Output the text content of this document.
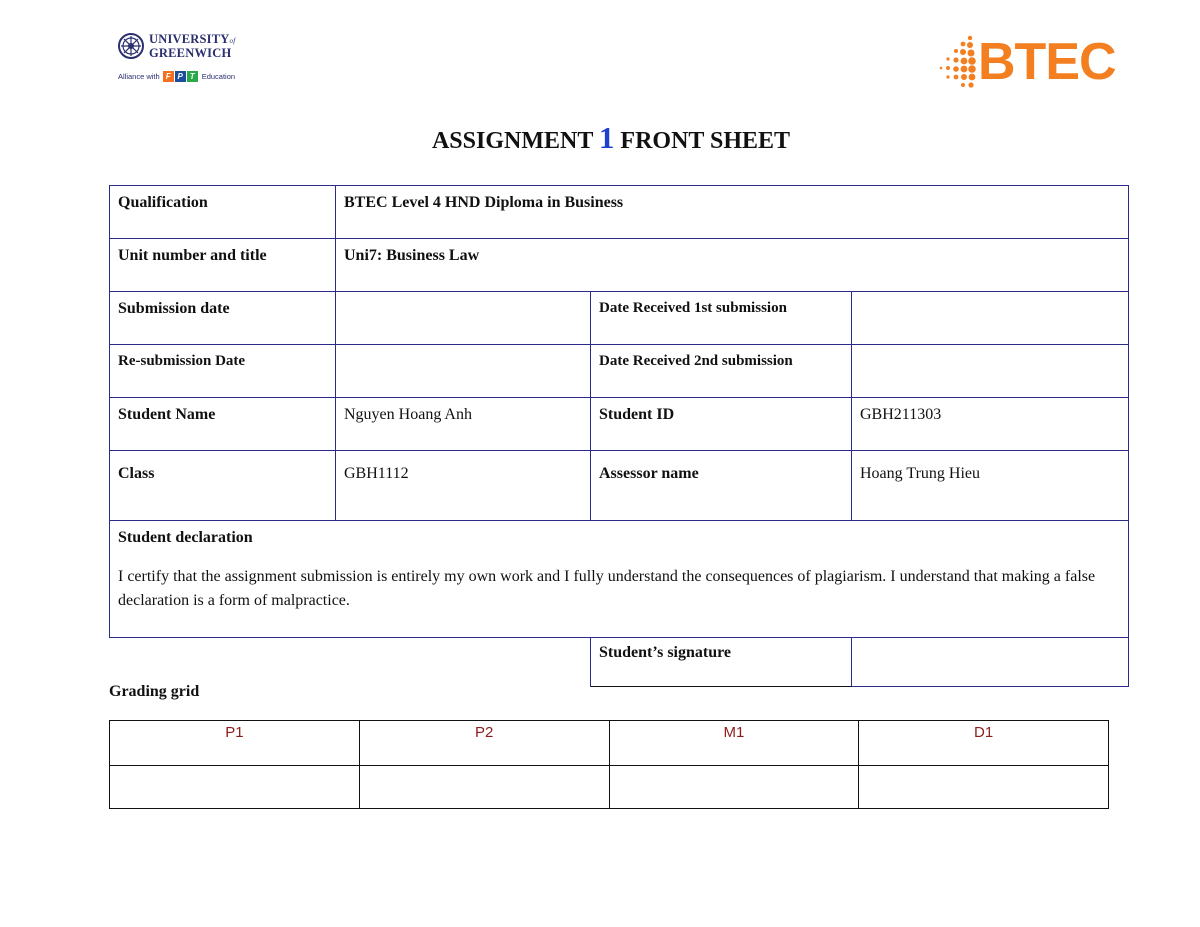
UNIVERSITYof
GREENWICH
Alliance with F P T Education	BTEC
ASSIGNMENT 1 FRONT SHEET
Qualification	BTEC Level 4 HND Diploma in Business		
Unit number and title	Uni7: Business Law		
Submission date		Date Received 1st submission	
Re-submission Date		Date Received 2nd submission	
Student Name	Nguyen Hoang Anh	Student ID	GBH211303
Class	GBH1112	Assessor name	Hoang Trung Hieu

Student declaration
I certify that the assignment submission is entirely my own work and I fully understand the consequences of plagiarism. I understand that making a false declaration is a form of malpractice.			

		Student’s signature	
Grading grid
P1	P2	M1	D1
